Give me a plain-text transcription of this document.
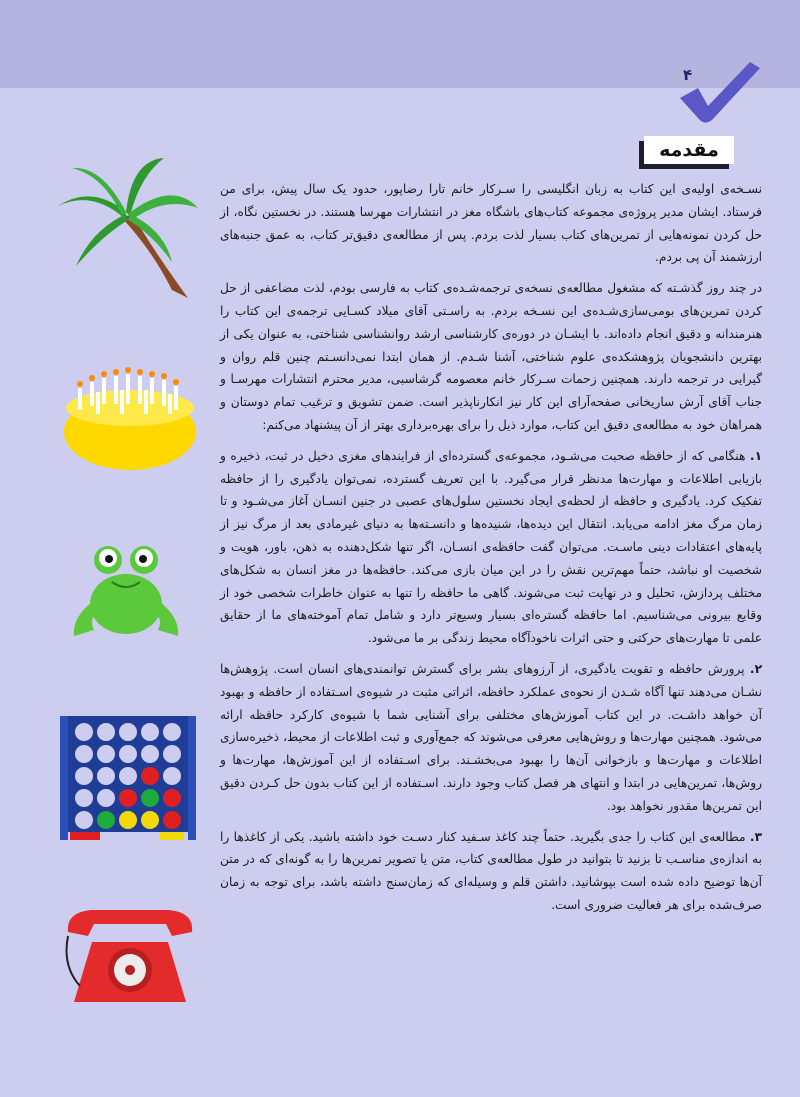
۴
مقدمه

نسـخه‌ی اولیه‌ی این کتاب به زبان انگلیسی را سـرکار خانم تارا رضاپور، حدود یک سال پیش، برای من فرستاد. ایشان مدیر پروژه‌ی مجموعه کتاب‌های باشگاه مغز در انتشارات مهرسا هستند. در نخستین نگاه، از حل کردن نمونه‌هایی از تمرین‌های کتاب بسیار لذت بردم. پس از مطالعه‌ی دقیق‌تر کتاب، به عمق جنبه‌های ارزشمند آن پی بردم.

در چند روز گذشـته که مشغول مطالعه‌ی نسخه‌ی ترجمه‌شـده‌ی کتاب به فارسی بودم، لذت مضاعفی از حل کردن تمرین‌های بومی‌سازی‌شـده‌ی این نسـخه بردم. به راسـتی آقای میلاد کسـایی ترجمه‌ی این کتاب را هنرمندانه و دقیق انجام داده‌اند. با ایشـان در دوره‌ی کارشناسی ارشد روانشناسی شناختی، به عنوان یکی از بهترین دانشجویان پژوهشکده‌ی علوم شناختی، آشنا شـدم. از همان ابتدا نمی‌دانسـتم چنین قلم روان و گیرایی در ترجمه دارند. همچنین زحمات سـرکار خانم معصومه گرشاسبی، مدیر محترم انتشارات مهرسـا و جناب آقای آرش ساریخانی صفحه‌آرای این کار نیز انکارناپذیر است. ضمن تشویق و ترغیب تمام دوستان و همراهان خود به مطالعه‌ی دقیق این کتاب، موارد ذیل را برای بهره‌برداری بهتر از آن پیشنهاد می‌کنم:

۱. هنگامی که از حافظه صحبت می‌شـود، مجموعه‌ی گسترده‌ای از فرایندهای مغزی دخیل در ثبت، ذخیره و بازیابی اطلاعات و مهارت‌ها مدنظر قرار می‌گیرد. با این تعریف گسترده، نمی‌توان یادگیری را از حافظه تفکیک کرد. یادگیری و حافظه از لحظه‌ی ایجاد نخستین سلول‌های عصبی در جنین انسـان آغاز می‌شـود و تا زمان مرگ مغز ادامه می‌یابد. انتقال این دیده‌ها، شنیده‌ها و دانسـته‌ها به دنیای غیرمادی بعد از مرگ نیز از پایه‌های اعتقادات دینی ماسـت. می‌توان گفت حافظه‌ی انسـان، اگر تنها شکل‌دهنده به ذهن، باور، هویت و شخصیت او نباشد، حتماً مهم‌ترین نقش را در این میان بازی می‌کند. حافظه‌ها در مغز انسان به شکل‌های مختلف پردازش، تحلیل و در نهایت ثبت می‌شوند. گاهی ما حافظه را تنها به عنوان خاطرات شخصی خود از وقایع بیرونی می‌شناسیم. اما حافظه گستره‌ای بسیار وسیع‌تر دارد و شامل تمام آموخته‌های ما از حقایق علمی تا مهارت‌های حرکتی و حتی اثرات ناخودآگاه محیط زندگی بر ما می‌شود.

۲. پرورش حافظه و تقویت یادگیری، از آرزوهای بشر برای گسترش توانمندی‌های انسان است. پژوهش‌ها نشـان می‌دهند تنها آگاه شـدن از نحوه‌ی عملکرد حافظه، اثراتی مثبت در شیوه‌ی اسـتفاده از حافظه و بهبود آن خواهد داشـت. در این کتاب آموزش‌های مختلفی برای آشنایی شما با شیوه‌ی کارکرد حافظه ارائه می‌شود. همچنین مهارت‌ها و روش‌هایی معرفی می‌شوند که جمع‌آوری و ثبت اطلاعات از محیط، ذخیره‌سازی اطلاعات و مهارت‌ها و بازخوانی آن‌ها را بهبود می‌بخشـند. برای اسـتفاده از این آموزش‌ها، مهارت‌ها و روش‌ها، تمرین‌هایی در ابتدا و انتهای هر فصل کتاب وجود دارند. اسـتفاده از این کتاب بدون حل کـردن دقیق این تمرین‌ها مقدور نخواهد بود.

۳. مطالعه‌ی این کتاب را جدی بگیرید. حتماً چند کاغذ سـفید کنار دسـت خود داشته باشید. یکی از کاغذها را به اندازه‌ی مناسـب تا بزنید تا بتوانید در طول مطالعه‌ی کتاب، متن یا تصویر تمرین‌ها را به گونه‌ای که در متن آن‌ها توضیح داده شده است بپوشانید. داشتن قلم و وسیله‌ای که زمان‌سنج داشته باشد، برای توجه به زمان صرف‌شده برای هر فعالیت ضروری است.
